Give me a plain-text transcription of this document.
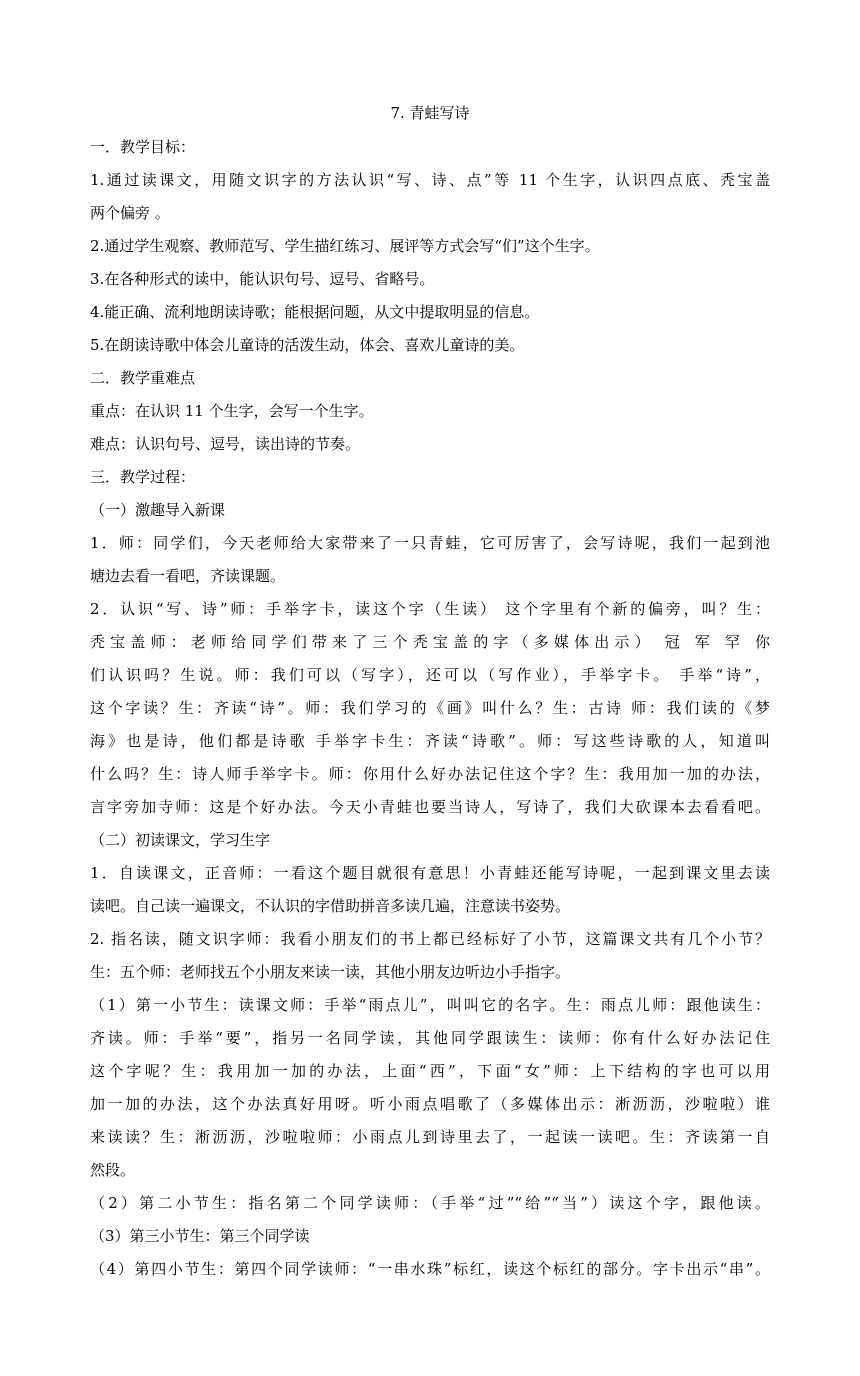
7. 青蛙写诗
一．教学目标：
1.通过读课文，用随文识字的方法认识“写、诗、点”等 11 个生字，认识四点底、秃宝盖
两个偏旁 。
2.通过学生观察、教师范写、学生描红练习、展评等方式会写“们”这个生字。
3.在各种形式的读中，能认识句号、逗号、省略号。
4.能正确、流利地朗读诗歌；能根据问题，从文中提取明显的信息。
5.在朗读诗歌中体会儿童诗的活泼生动，体会、喜欢儿童诗的美。
二．教学重难点
重点：在认识 11 个生字，会写一个生字。
难点：认识句号、逗号，读出诗的节奏。
三．教学过程：
（一）激趣导入新课
1．师：同学们，今天老师给大家带来了一只青蛙，它可厉害了，会写诗呢，我们一起到池
塘边去看一看吧，齐读课题。
2．认识“写、诗”师：手举字卡，读这个字（生读） 这个字里有个新的偏旁，叫？生：
秃宝盖师：老师给同学们带来了三个秃宝盖的字（多媒体出示） 冠 军 罕 你
们认识吗？生说。师：我们可以（写字），还可以（写作业），手举字卡。 手举“诗”，
这个字读？生：齐读“诗”。师：我们学习的《画》叫什么？生：古诗 师：我们读的《梦
海》也是诗，他们都是诗歌 手举字卡生：齐读“诗歌”。师：写这些诗歌的人，知道叫
什么吗？生：诗人师手举字卡。师：你用什么好办法记住这个字？生：我用加一加的办法，
言字旁加寺师：这是个好办法。今天小青蛙也要当诗人，写诗了，我们大砍课本去看看吧。
（二）初读课文，学习生字
1．自读课文，正音师：一看这个题目就很有意思！小青蛙还能写诗呢，一起到课文里去读
读吧。自己读一遍课文，不认识的字借助拼音多读几遍，注意读书姿势。
2. 指名读，随文识字师：我看小朋友们的书上都已经标好了小节，这篇课文共有几个小节？
生：五个师：老师找五个小朋友来读一读，其他小朋友边听边小手指字。
（1）第一小节生：读课文师：手举“雨点儿”，叫叫它的名字。生：雨点儿师：跟他读生：
齐读。师：手举“要”，指另一名同学读，其他同学跟读生：读师：你有什么好办法记住
这个字呢？生：我用加一加的办法，上面“西”，下面“女”师：上下结构的字也可以用
加一加的办法，这个办法真好用呀。听小雨点唱歌了（多媒体出示：淅沥沥，沙啦啦）谁
来读读？生：淅沥沥，沙啦啦师：小雨点儿到诗里去了，一起读一读吧。生：齐读第一自
然段。
（2）第二小节生：指名第二个同学读师：（手举“过”“给”“当”）读这个字，跟他读。
（3）第三小节生：第三个同学读
（4）第四小节生：第四个同学读师：“一串水珠”标红，读这个标红的部分。字卡出示“串”。
